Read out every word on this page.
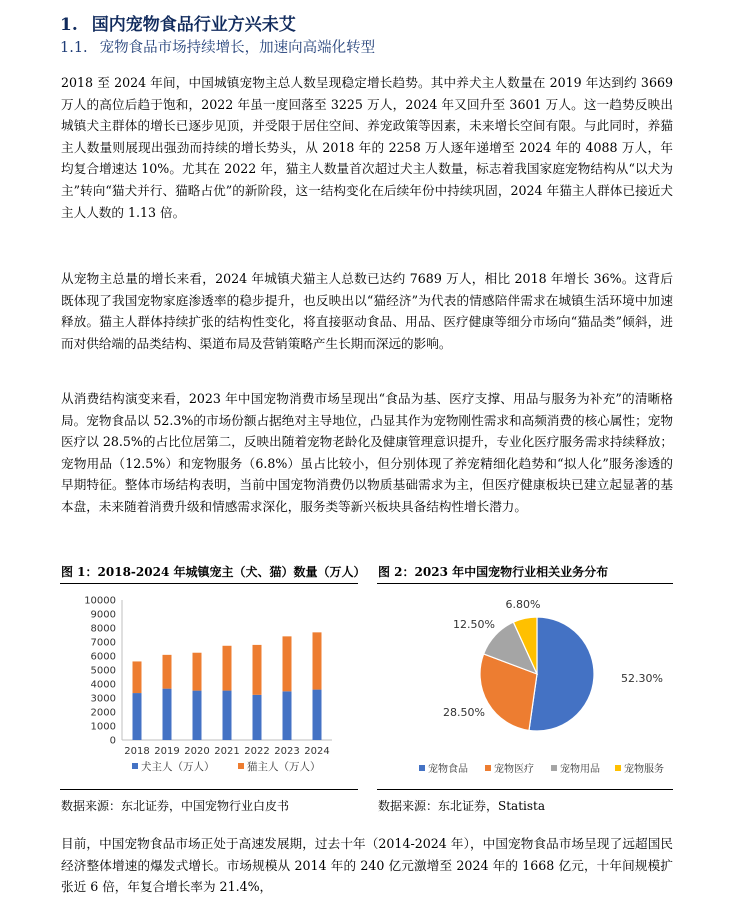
1. 国内宠物食品行业方兴未艾
1.1. 宠物食品市场持续增长，加速向高端化转型

2018 至 2024 年间，中国城镇宠物主总人数呈现稳定增长趋势。其中养犬主人数量在 2019 年达到约 3669 万人的高位后趋于饱和，2022 年虽一度回落至 3225 万人，2024 年又回升至 3601 万人。这一趋势反映出城镇犬主群体的增长已逐步见顶，并受限于居住空间、养宠政策等因素，未来增长空间有限。与此同时，养猫主人数量则展现出强劲而持续的增长势头，从 2018 年的 2258 万人逐年递增至 2024 年的 4088 万人，年均复合增速达 10%。尤其在 2022 年，猫主人数量首次超过犬主人数量，标志着我国家庭宠物结构从“以犬为主”转向“猫犬并行、猫略占优”的新阶段，这一结构变化在后续年份中持续巩固，2024 年猫主人群体已接近犬主人人数的 1.13 倍。

从宠物主总量的增长来看，2024 年城镇犬猫主人总数已达约 7689 万人，相比 2018 年增长 36%。这背后既体现了我国宠物家庭渗透率的稳步提升，也反映出以“猫经济”为代表的情感陪伴需求在城镇生活环境中加速释放。猫主人群体持续扩张的结构性变化，将直接驱动食品、用品、医疗健康等细分市场向“猫品类”倾斜，进而对供给端的品类结构、渠道布局及营销策略产生长期而深远的影响。

从消费结构演变来看，2023 年中国宠物消费市场呈现出“食品为基、医疗支撑、用品与服务为补充”的清晰格局。宠物食品以 52.3%的市场份额占据绝对主导地位，凸显其作为宠物刚性需求和高频消费的核心属性；宠物医疗以 28.5%的占比位居第二，反映出随着宠物老龄化及健康管理意识提升，专业化医疗服务需求持续释放；宠物用品（12.5%）和宠物服务（6.8%）虽占比较小，但分别体现了养宠精细化趋势和“拟人化”服务渗透的早期特征。整体市场结构表明，当前中国宠物消费仍以物质基础需求为主，但医疗健康板块已建立起显著的基本盘，未来随着消费升级和情感需求深化，服务类等新兴板块具备结构性增长潜力。

图 1：2018-2024 年城镇宠主（犬、猫）数量（万人）
0
1000
2000
3000
4000
5000
6000
7000
8000
9000
10000
2018 2019 2020 2021 2022 2023 2024
犬主人（万人）	猫主人（万人）
数据来源：东北证券，中国宠物行业白皮书
图 2：2023 年中国宠物行业相关业务分布
52.30%
28.50%
12.50%
6.80%
宠物食品	宠物医疗	宠物用品 宠物服务
数据来源：东北证券，Statista

目前，中国宠物食品市场正处于高速发展期，过去十年（2014-2024 年），中国宠物食品市场呈现了远超国民经济整体增速的爆发式增长。市场规模从 2014 年的 240 亿元激增至 2024 年的 1668 亿元，十年间规模扩张近 6 倍，年复合增长率为 21.4%，
